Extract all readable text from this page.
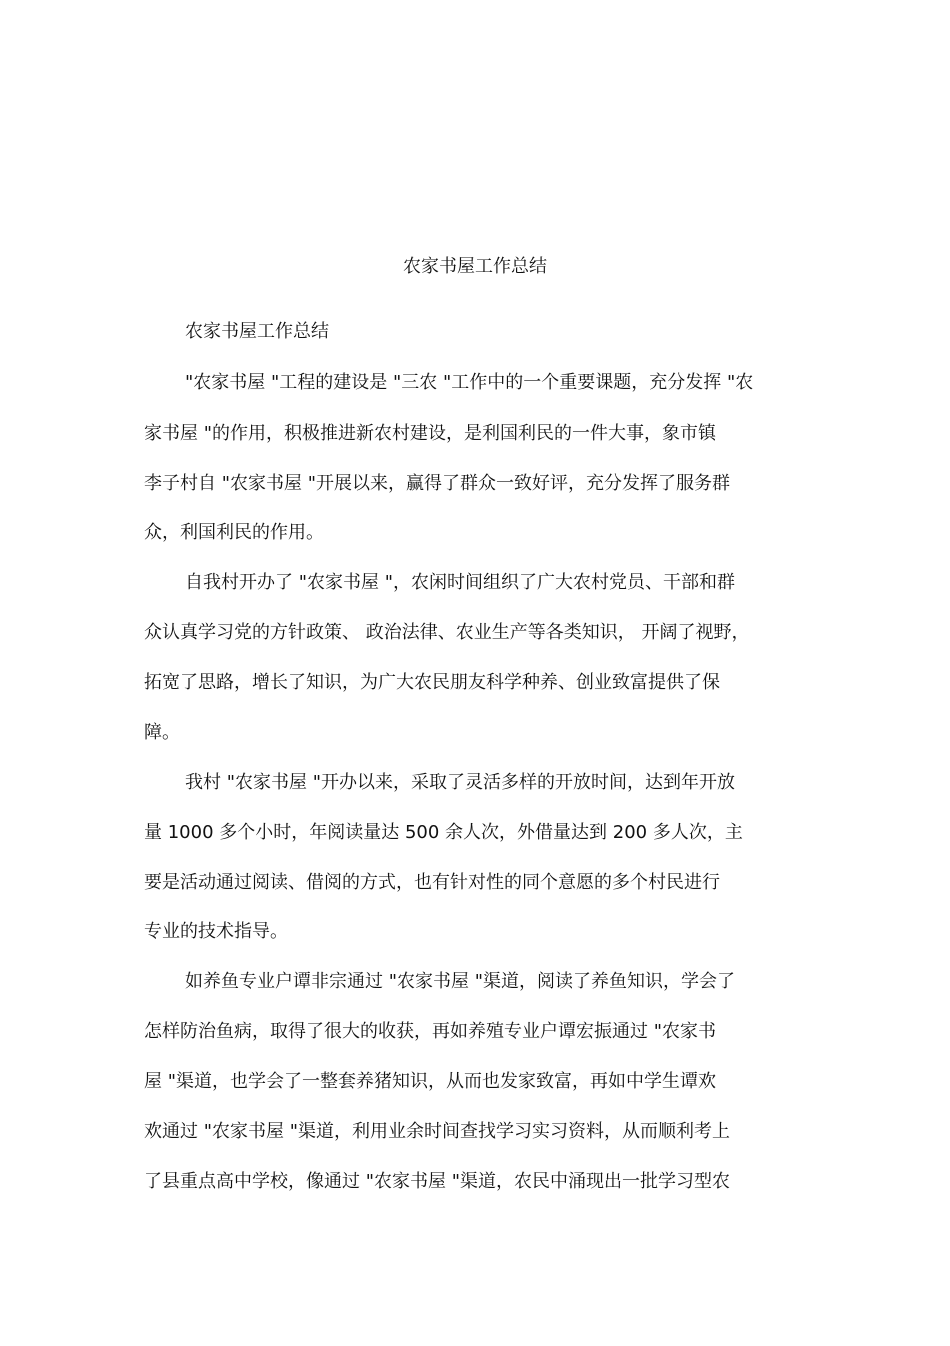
农家书屋工作总结
农家书屋工作总结
"农家书屋 "工程的建设是 "三农 "工作中的一个重要课题，充分发挥 "农
家书屋 "的作用，积极推进新农村建设，是利国利民的一件大事，象市镇
李子村自 "农家书屋 "开展以来，赢得了群众一致好评，充分发挥了服务群
众，利国利民的作用。
自我村开办了 "农家书屋 "，农闲时间组织了广大农村党员、干部和群
众认真学习党的方针政策、 政治法律、农业生产等各类知识， 开阔了视野，
拓宽了思路，增长了知识，为广大农民朋友科学种养、创业致富提供了保
障。
我村 "农家书屋 "开办以来，采取了灵活多样的开放时间，达到年开放
量 1000 多个小时，年阅读量达 500 余人次，外借量达到 200 多人次，主
要是活动通过阅读、借阅的方式，也有针对性的同个意愿的多个村民进行
专业的技术指导。
如养鱼专业户谭非宗通过 "农家书屋 "渠道，阅读了养鱼知识，学会了
怎样防治鱼病，取得了很大的收获，再如养殖专业户谭宏振通过 "农家书
屋 "渠道，也学会了一整套养猪知识，从而也发家致富，再如中学生谭欢
欢通过 "农家书屋 "渠道，利用业余时间查找学习实习资料，从而顺利考上
了县重点高中学校，像通过 "农家书屋 "渠道，农民中涌现出一批学习型农
